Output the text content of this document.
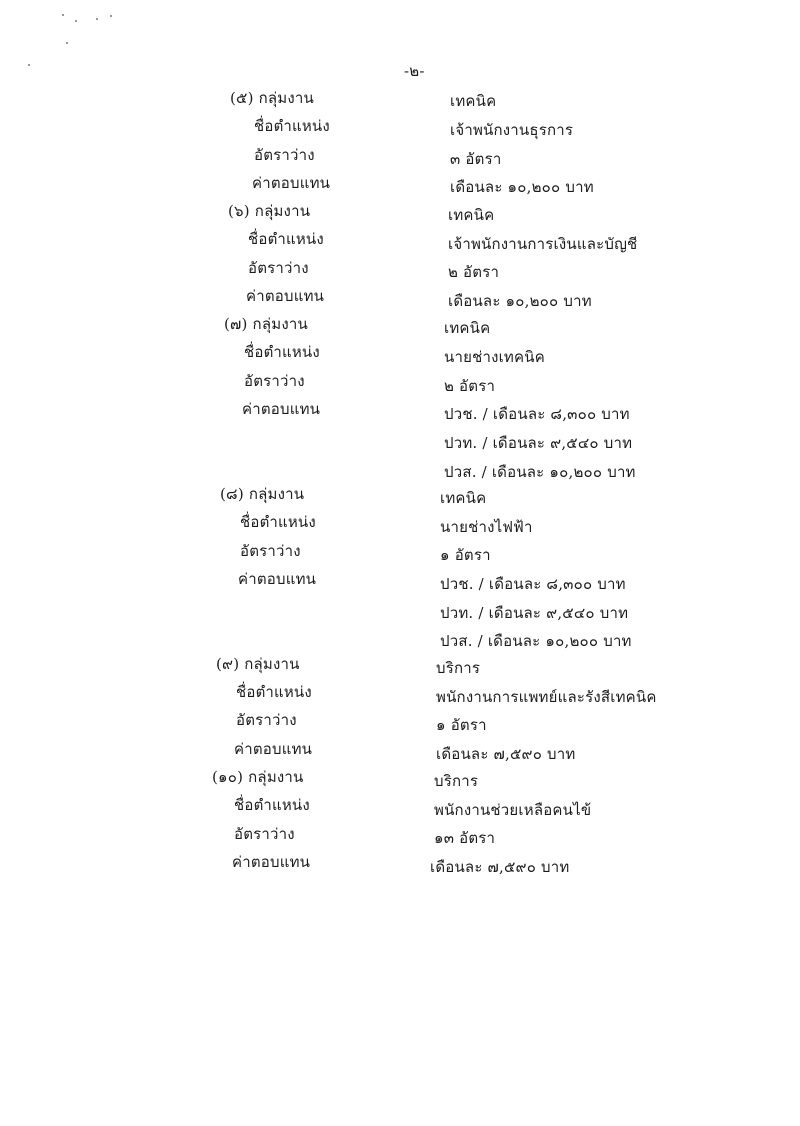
-๒-
(๕) กลุ่มงาน	เทคนิค
ชื่อตำแหน่ง	เจ้าพนักงานธุรการ
อัตราว่าง	๓ อัตรา
ค่าตอบแทน	เดือนละ ๑๐,๒๐๐ บาท
(๖) กลุ่มงาน	เทคนิค
ชื่อตำแหน่ง	เจ้าพนักงานการเงินและบัญชี
อัตราว่าง	๒ อัตรา
ค่าตอบแทน	เดือนละ ๑๐,๒๐๐ บาท
(๗) กลุ่มงาน	เทคนิค
ชื่อตำแหน่ง	นายช่างเทคนิค
อัตราว่าง	๒ อัตรา
ค่าตอบแทน	ปวช. / เดือนละ ๘,๓๐๐ บาท
ปวท. / เดือนละ ๙,๕๔๐ บาท
ปวส. / เดือนละ ๑๐,๒๐๐ บาท
(๘) กลุ่มงาน	เทคนิค
ชื่อตำแหน่ง	นายช่างไฟฟ้า
อัตราว่าง	๑ อัตรา
ค่าตอบแทน	ปวช. / เดือนละ ๘,๓๐๐ บาท
ปวท. / เดือนละ ๙,๕๔๐ บาท
ปวส. / เดือนละ ๑๐,๒๐๐ บาท
(๙) กลุ่มงาน	บริการ
ชื่อตำแหน่ง	พนักงานการแพทย์และรังสีเทคนิค
อัตราว่าง	๑ อัตรา
ค่าตอบแทน	เดือนละ ๗,๕๙๐ บาท
(๑๐) กลุ่มงาน	บริการ
ชื่อตำแหน่ง	พนักงานช่วยเหลือคนไข้
อัตราว่าง	๑๓ อัตรา
ค่าตอบแทน	เดือนละ ๗,๕๙๐ บาท
